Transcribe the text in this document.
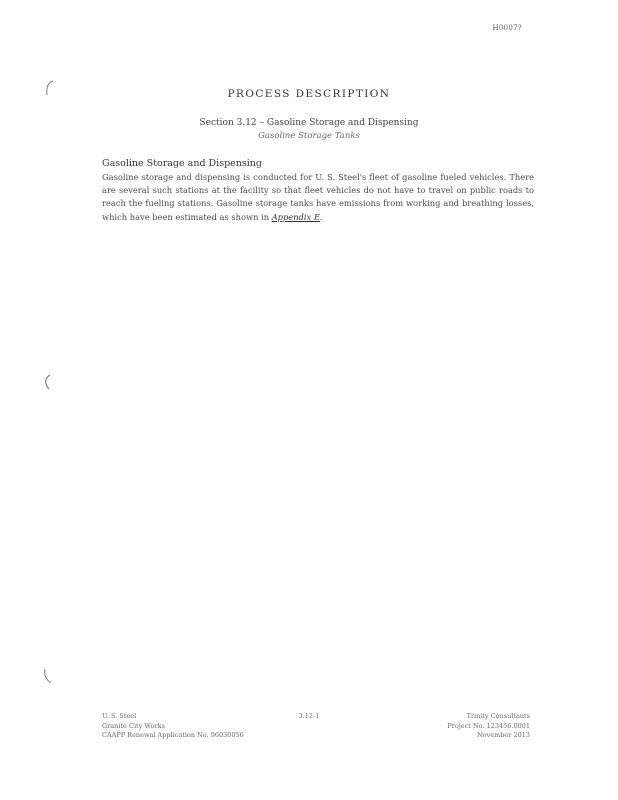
H0007?
PROCESS DESCRIPTION
Section 3.12 – Gasoline Storage and Dispensing
Gasoline Storage Tanks
Gasoline Storage and Dispensing
Gasoline storage and dispensing is conducted for U. S. Steel's fleet of gasoline fueled vehicles. There are several such stations at the facility so that fleet vehicles do not have to travel on public roads to reach the fueling stations. Gasoline storage tanks have emissions from working and breathing losses, which have been estimated as shown in Appendix E.
U. S. Steel
Granite City Works
CAAPP Renewal Application No. 96030056
3.12-1	Trinity Consultants
Project No. 123456.0001
November 2013
